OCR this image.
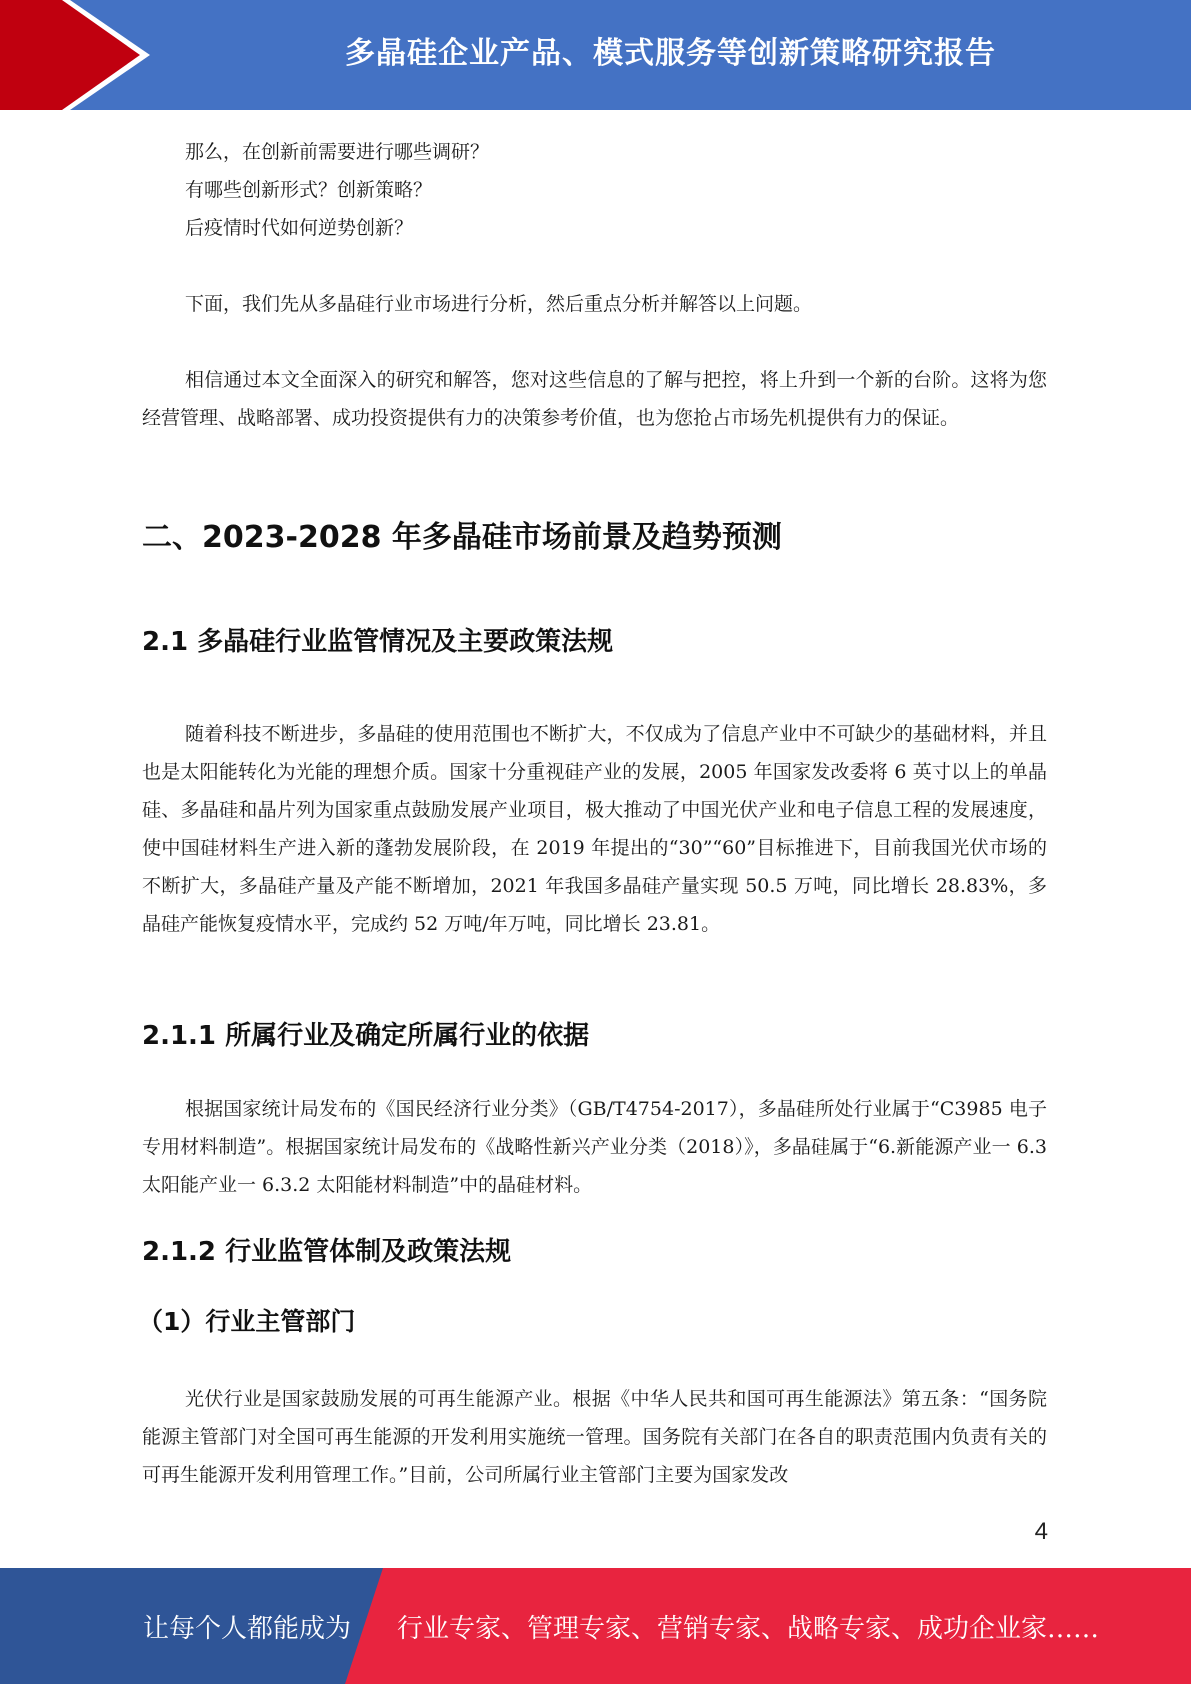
多晶硅企业产品、模式服务等创新策略研究报告
那么，在创新前需要进行哪些调研？
有哪些创新形式？创新策略？
后疫情时代如何逆势创新？
下面，我们先从多晶硅行业市场进行分析，然后重点分析并解答以上问题。

相信通过本文全面深入的研究和解答，您对这些信息的了解与把控，将上升到一个新的台阶。这将为您经营管理、战略部署、成功投资提供有力的决策参考价值，也为您抢占市场先机提供有力的保证。

二、2023-2028 年多晶硅市场前景及趋势预测
2.1 多晶硅行业监管情况及主要政策法规

随着科技不断进步，多晶硅的使用范围也不断扩大，不仅成为了信息产业中不可缺少的基础材料，并且也是太阳能转化为光能的理想介质。国家十分重视硅产业的发展，2005 年国家发改委将 6 英寸以上的单晶硅、多晶硅和晶片列为国家重点鼓励发展产业项目，极大推动了中国光伏产业和电子信息工程的发展速度，使中国硅材料生产进入新的蓬勃发展阶段，在 2019 年提出的“30”“60”目标推进下，目前我国光伏市场的不断扩大，多晶硅产量及产能不断增加，2021 年我国多晶硅产量实现 50.5 万吨，同比增长 28.83%，多晶硅产能恢复疫情水平，完成约 52 万吨/年万吨，同比增长 23.81。

2.1.1 所属行业及确定所属行业的依据

根据国家统计局发布的《国民经济行业分类》（GB/T4754-2017），多晶硅所处行业属于“C3985 电子专用材料制造”。根据国家统计局发布的《战略性新兴产业分类（2018）》，多晶硅属于“6.新能源产业一 6.3 太阳能产业一 6.3.2 太阳能材料制造”中的晶硅材料。

2.1.2 行业监管体制及政策法规
（1）行业主管部门

光伏行业是国家鼓励发展的可再生能源产业。根据《中华人民共和国可再生能源法》第五条：“国务院能源主管部门对全国可再生能源的开发利用实施统一管理。国务院有关部门在各自的职责范围内负责有关的可再生能源开发利用管理工作。”目前，公司所属行业主管部门主要为国家发改

4
让每个人都能成为 行业专家、管理专家、营销专家、战略专家、成功企业家……
